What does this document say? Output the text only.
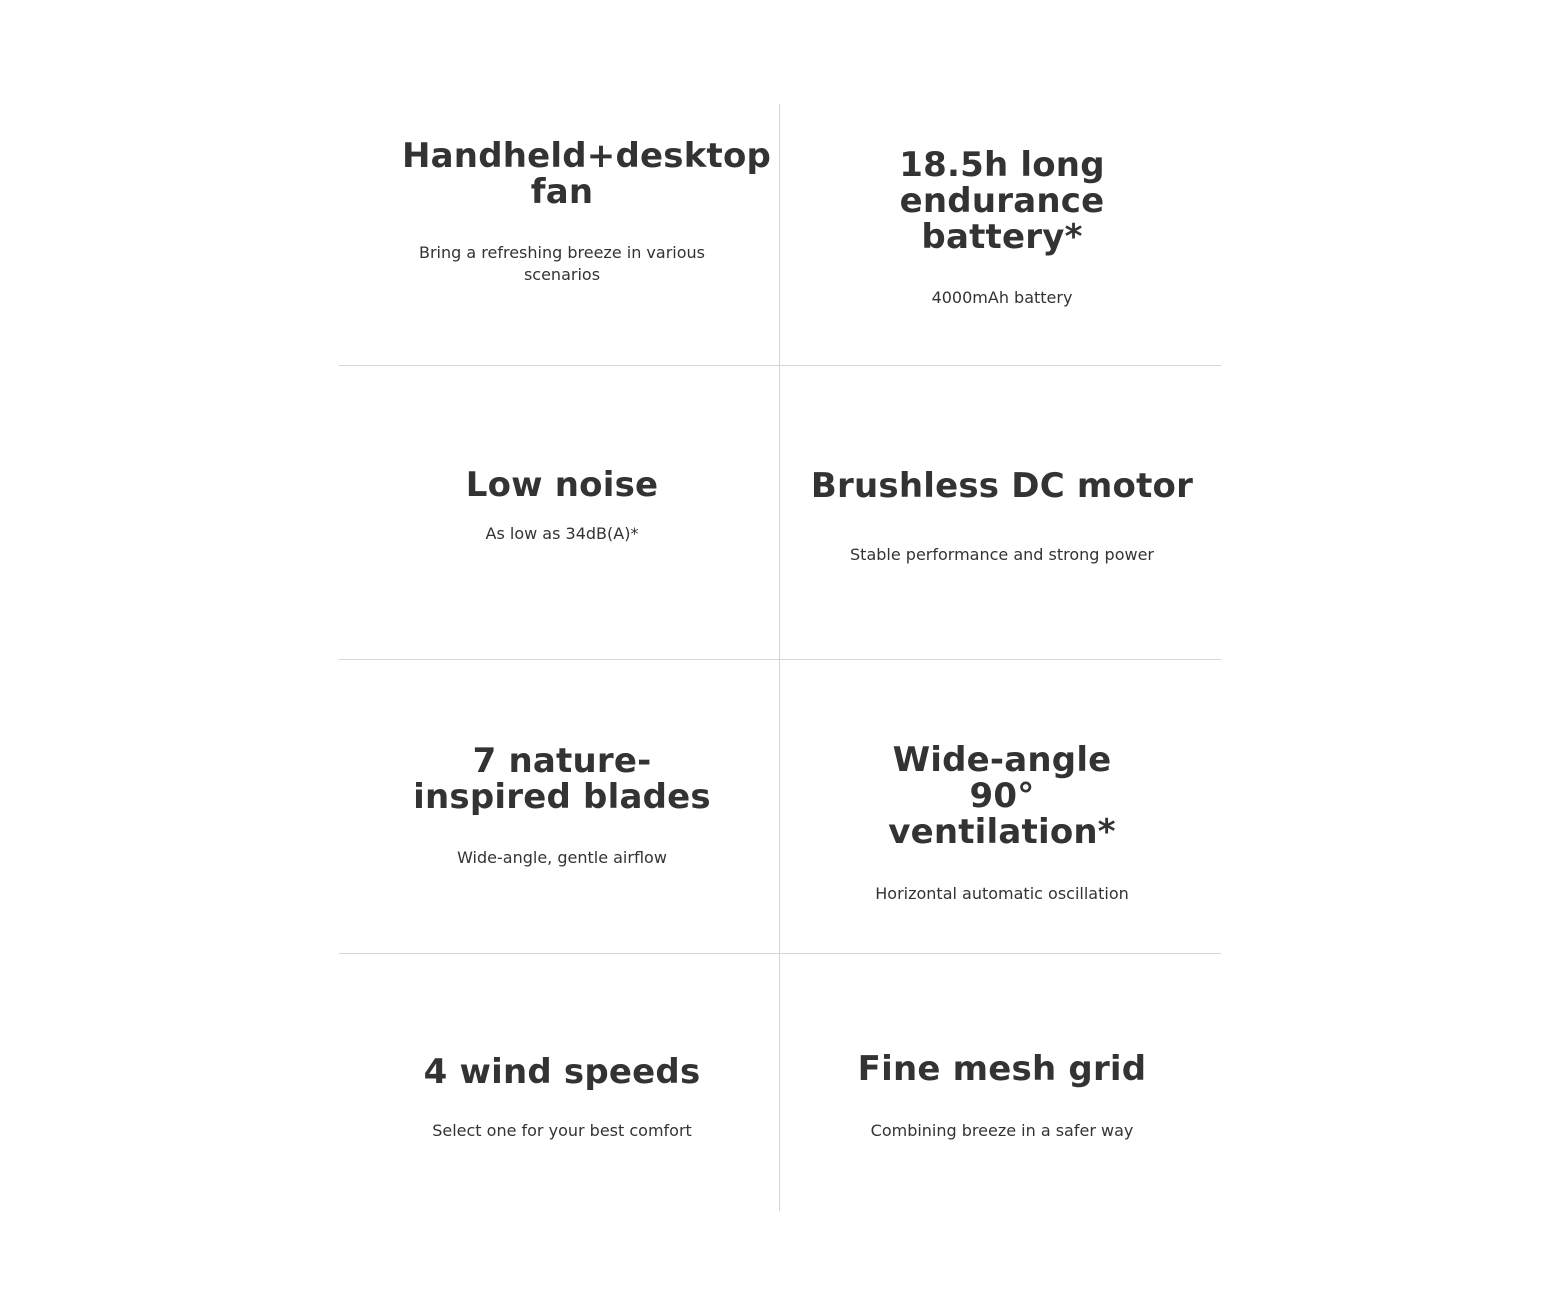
Handheld+desktop fan

Bring a refreshing breeze in various scenarios

18.5h long endurance battery*

4000mAh battery

Low noise

As low as 34dB(A)*

Brushless DC motor

Stable performance and strong power

7 nature-inspired blades

Wide-angle, gentle airflow

Wide-angle 90° ventilation*

Horizontal automatic oscillation

4 wind speeds

Select one for your best comfort

Fine mesh grid

Combining breeze in a safer way
